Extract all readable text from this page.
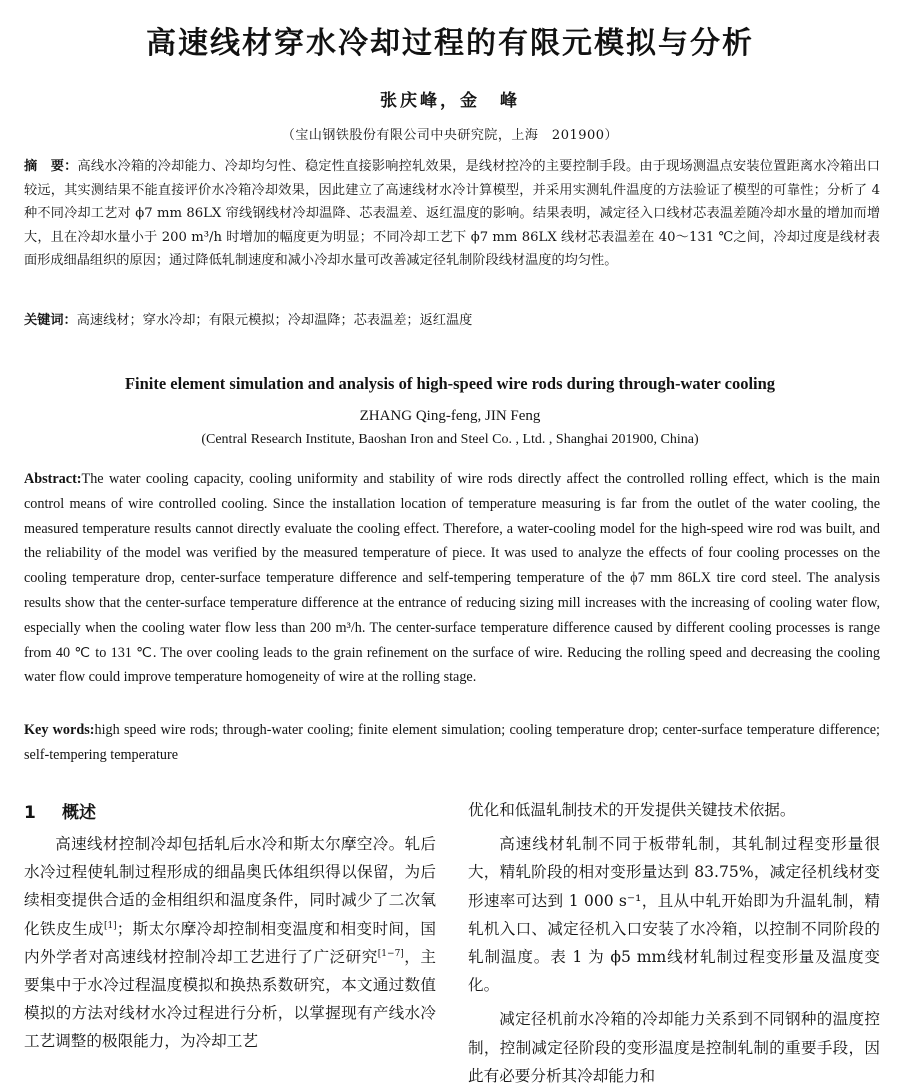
高速线材穿水冷却过程的有限元模拟与分析
张庆峰，金　峰
（宝山钢铁股份有限公司中央研究院，上海　201900）
摘　要：高线水冷箱的冷却能力、冷却均匀性、稳定性直接影响控轧效果，是线材控冷的主要控制手段。由于现场测温点安装位置距离水冷箱出口较远，其实测结果不能直接评价水冷箱冷却效果，因此建立了高速线材水冷计算模型，并采用实测轧件温度的方法验证了模型的可靠性；分析了 4 种不同冷却工艺对 ϕ7 mm 86LX 帘线钢线材冷却温降、芯表温差、返红温度的影响。结果表明，减定径入口线材芯表温差随冷却水量的增加而增大，且在冷却水量小于 200 m³/h 时增加的幅度更为明显；不同冷却工艺下 ϕ7 mm 86LX 线材芯表温差在 40～131 ℃之间，冷却过度是线材表面形成细晶组织的原因；通过降低轧制速度和减小冷却水量可改善减定径轧制阶段线材温度的均匀性。
关键词：高速线材；穿水冷却；有限元模拟；冷却温降；芯表温差；返红温度
Finite element simulation and analysis of high-speed wire rods during through-water cooling
ZHANG Qing-feng, JIN Feng
(Central Research Institute, Baoshan Iron and Steel Co. , Ltd. , Shanghai 201900, China)
Abstract:The water cooling capacity, cooling uniformity and stability of wire rods directly affect the controlled rolling effect, which is the main control means of wire controlled cooling. Since the installation location of temperature measuring is far from the outlet of the water cooling, the measured temperature results cannot directly evaluate the cooling effect. Therefore, a water-cooling model for the high-speed wire rod was built, and the reliability of the model was verified by the measured temperature of piece. It was used to analyze the effects of four cooling processes on the cooling temperature drop, center-surface temperature difference and self-tempering temperature of the ϕ7 mm 86LX tire cord steel. The analysis results show that the center-surface temperature difference at the entrance of reducing sizing mill increases with the increasing of cooling water flow, especially when the cooling water flow less than 200 m³/h. The center-surface temperature difference caused by different cooling processes is range from 40 ℃ to 131 ℃. The over cooling leads to the grain refinement on the surface of wire. Reducing the rolling speed and decreasing the cooling water flow could improve temperature homogeneity of wire at the rolling stage.
Key words:high speed wire rods; through-water cooling; finite element simulation; cooling temperature drop; center-surface temperature difference; self-tempering temperature
1 概述

高速线材控制冷却包括轧后水冷和斯太尔摩空冷。轧后水冷过程使轧制过程形成的细晶奥氏体组织得以保留，为后续相变提供合适的金相组织和温度条件，同时减少了二次氧化铁皮生成[1]；斯太尔摩冷却控制相变温度和相变时间，国内外学者对高速线材控制冷却工艺进行了广泛研究[1−7]，主要集中于水冷过程温度模拟和换热系数研究，本文通过数值模拟的方法对线材水冷过程进行分析，以掌握现有产线水冷工艺调整的极限能力，为冷却工艺

优化和低温轧制技术的开发提供关键技术依据。

高速线材轧制不同于板带轧制，其轧制过程变形量很大，精轧阶段的相对变形量达到 83.75%，减定径机线材变形速率可达到 1 000 s⁻¹，且从中轧开始即为升温轧制，精轧机入口、减定径机入口安装了水冷箱，以控制不同阶段的轧制温度。表 1 为 ϕ5 mm线材轧制过程变形量及温度变化。

减定径机前水冷箱的冷却能力关系到不同钢种的温度控制，控制减定径阶段的变形温度是控制轧制的重要手段，因此有必要分析其冷却能力和
